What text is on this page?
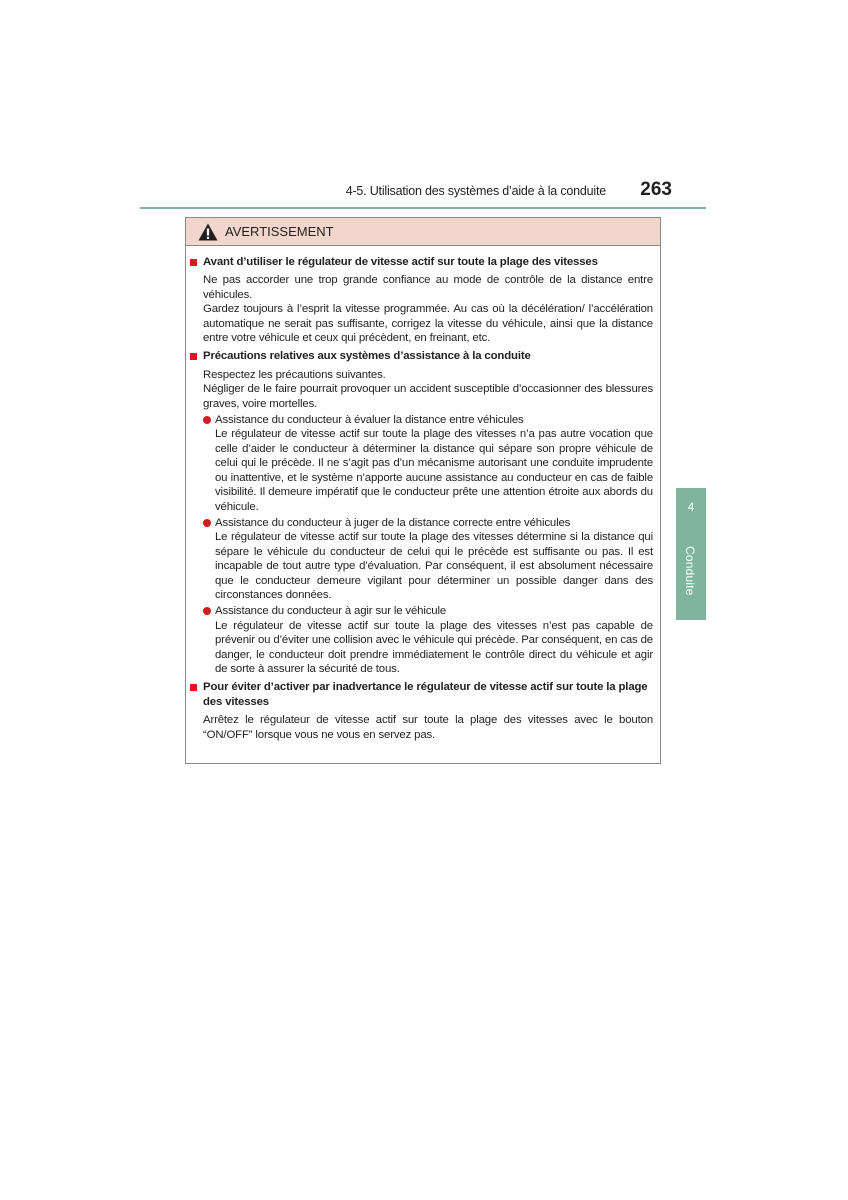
4-5. Utilisation des systèmes d’aide à la conduite	263
4
Conduite
AVERTISSEMENT
Avant d’utiliser le régulateur de vitesse actif sur toute la plage des vitesses

Ne pas accorder une trop grande confiance au mode de contrôle de la distance entre véhicules.

Gardez toujours à l’esprit la vitesse programmée. Au cas où la décélération/ l’accélération automatique ne serait pas suffisante, corrigez la vitesse du véhicule, ainsi que la distance entre votre véhicule et ceux qui précèdent, en freinant, etc.

Précautions relatives aux systèmes d’assistance à la conduite

Respectez les précautions suivantes.

Négliger de le faire pourrait provoquer un accident susceptible d’occasionner des blessures graves, voire mortelles.

Assistance du conducteur à évaluer la distance entre véhicules

Le régulateur de vitesse actif sur toute la plage des vitesses n’a pas autre vocation que celle d’aider le conducteur à déterminer la distance qui sépare son propre véhicule de celui qui le précède. Il ne s’agit pas d’un mécanisme autorisant une conduite imprudente ou inattentive, et le système n’apporte aucune assistance au conducteur en cas de faible visibilité. Il demeure impératif que le conducteur prête une attention étroite aux abords du véhicule.

Assistance du conducteur à juger de la distance correcte entre véhicules

Le régulateur de vitesse actif sur toute la plage des vitesses détermine si la distance qui sépare le véhicule du conducteur de celui qui le précède est suffisante ou pas. Il est incapable de tout autre type d’évaluation. Par conséquent, il est absolument nécessaire que le conducteur demeure vigilant pour déterminer un possible danger dans des circonstances données.

Assistance du conducteur à agir sur le véhicule

Le régulateur de vitesse actif sur toute la plage des vitesses n’est pas capable de prévenir ou d’éviter une collision avec le véhicule qui précède. Par conséquent, en cas de danger, le conducteur doit prendre immédiatement le contrôle direct du véhicule et agir de sorte à assurer la sécurité de tous.

Pour éviter d’activer par inadvertance le régulateur de vitesse actif sur toute la plage des vitesses

Arrêtez le régulateur de vitesse actif sur toute la plage des vitesses avec le bouton “ON/OFF” lorsque vous ne vous en servez pas.
